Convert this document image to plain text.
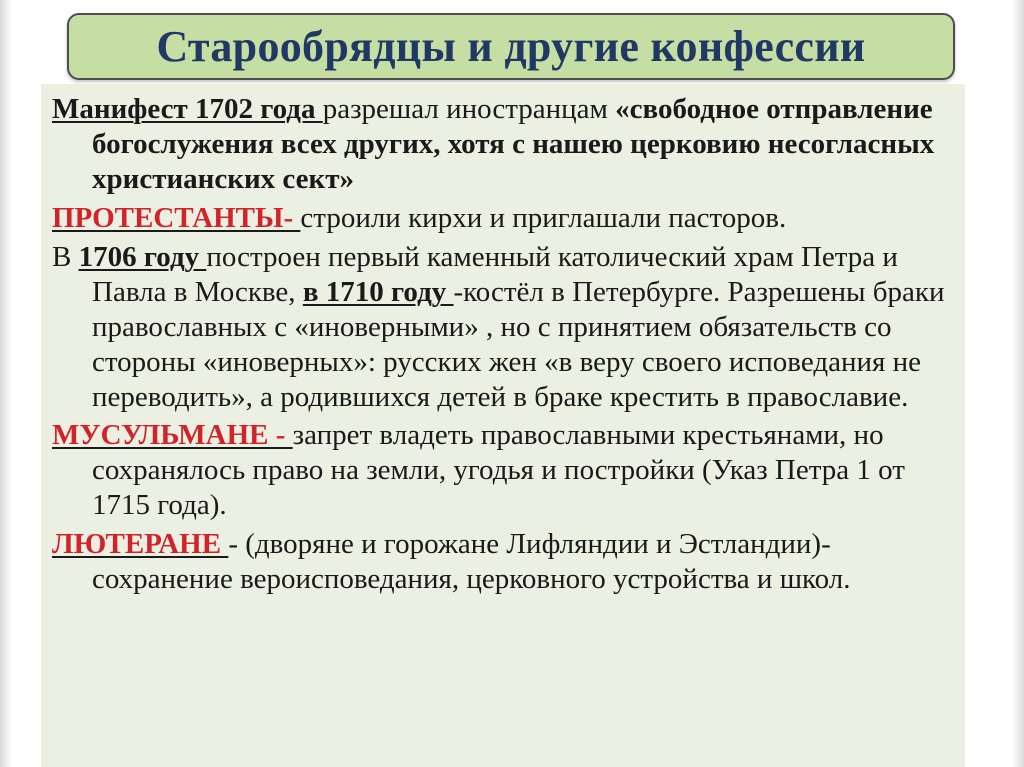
Старообрядцы и другие конфессии

Манифест 1702 года разрешал иностранцам «свободное отправление богослужения всех других, хотя с нашею церковию несогласных христианских сект»

ПРОТЕСТАНТЫ- строили кирхи и приглашали пасторов.

В 1706 году построен первый каменный католический храм Петра и Павла в Москве, в 1710 году -костёл в Петербурге. Разрешены браки православных с «иноверными» , но с принятием обязательств со стороны «иноверных»: русских жен «в веру своего исповедания не переводить», а родившихся детей в браке крестить в православие.

МУСУЛЬМАНЕ - запрет владеть православными крестьянами, но сохранялось право на земли, угодья и постройки (Указ Петра 1 от 1715 года).

ЛЮТЕРАНЕ - (дворяне и горожане Лифляндии и Эстландии)- сохранение вероисповедания, церковного устройства и школ.
